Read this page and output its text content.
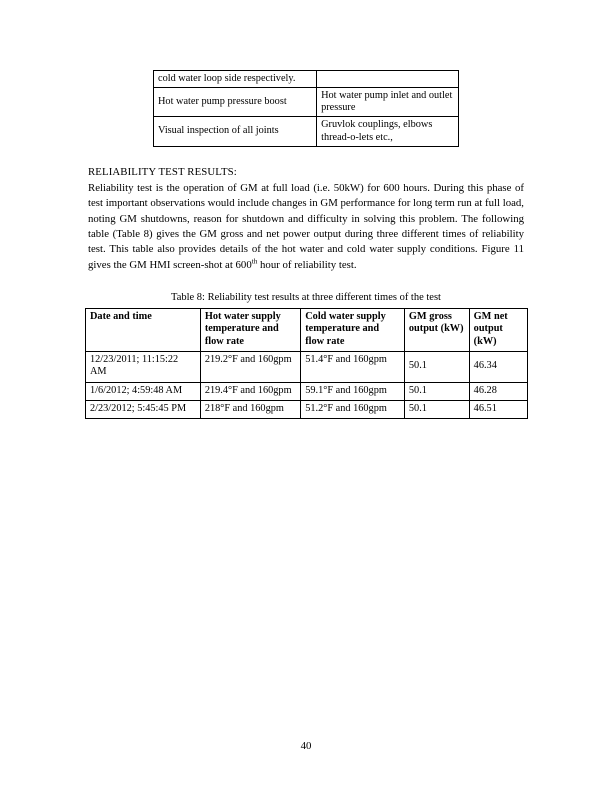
cold water loop side respectively.	
Hot water pump pressure boost	Hot water pump inlet and outlet pressure
Visual inspection of all joints	Gruvlok couplings, elbows thread-o-lets etc.,
RELIABILITY TEST RESULTS:
Reliability test is the operation of GM at full load (i.e. 50kW) for 600 hours. During this phase of test important observations would include changes in GM performance for long term run at full load, noting GM shutdowns, reason for shutdown and difficulty in solving this problem. The following table (Table 8) gives the GM gross and net power output during three different times of reliability test. This table also provides details of the hot water and cold water supply conditions. Figure 11 gives the GM HMI screen-shot at 600th hour of reliability test.
Table 8: Reliability test results at three different times of the test
Date and time	Hot water supply temperature and flow rate	Cold water supply temperature and flow rate	GM gross output (kW)	GM net output (kW)
12/23/2011; 11:15:22 AM	219.2°F and 160gpm	51.4°F and 160gpm	50.1	46.34
1/6/2012; 4:59:48 AM	219.4°F and 160gpm	59.1°F and 160gpm	50.1	46.28
2/23/2012; 5:45:45 PM	218°F and 160gpm	51.2°F and 160gpm	50.1	46.51
40
